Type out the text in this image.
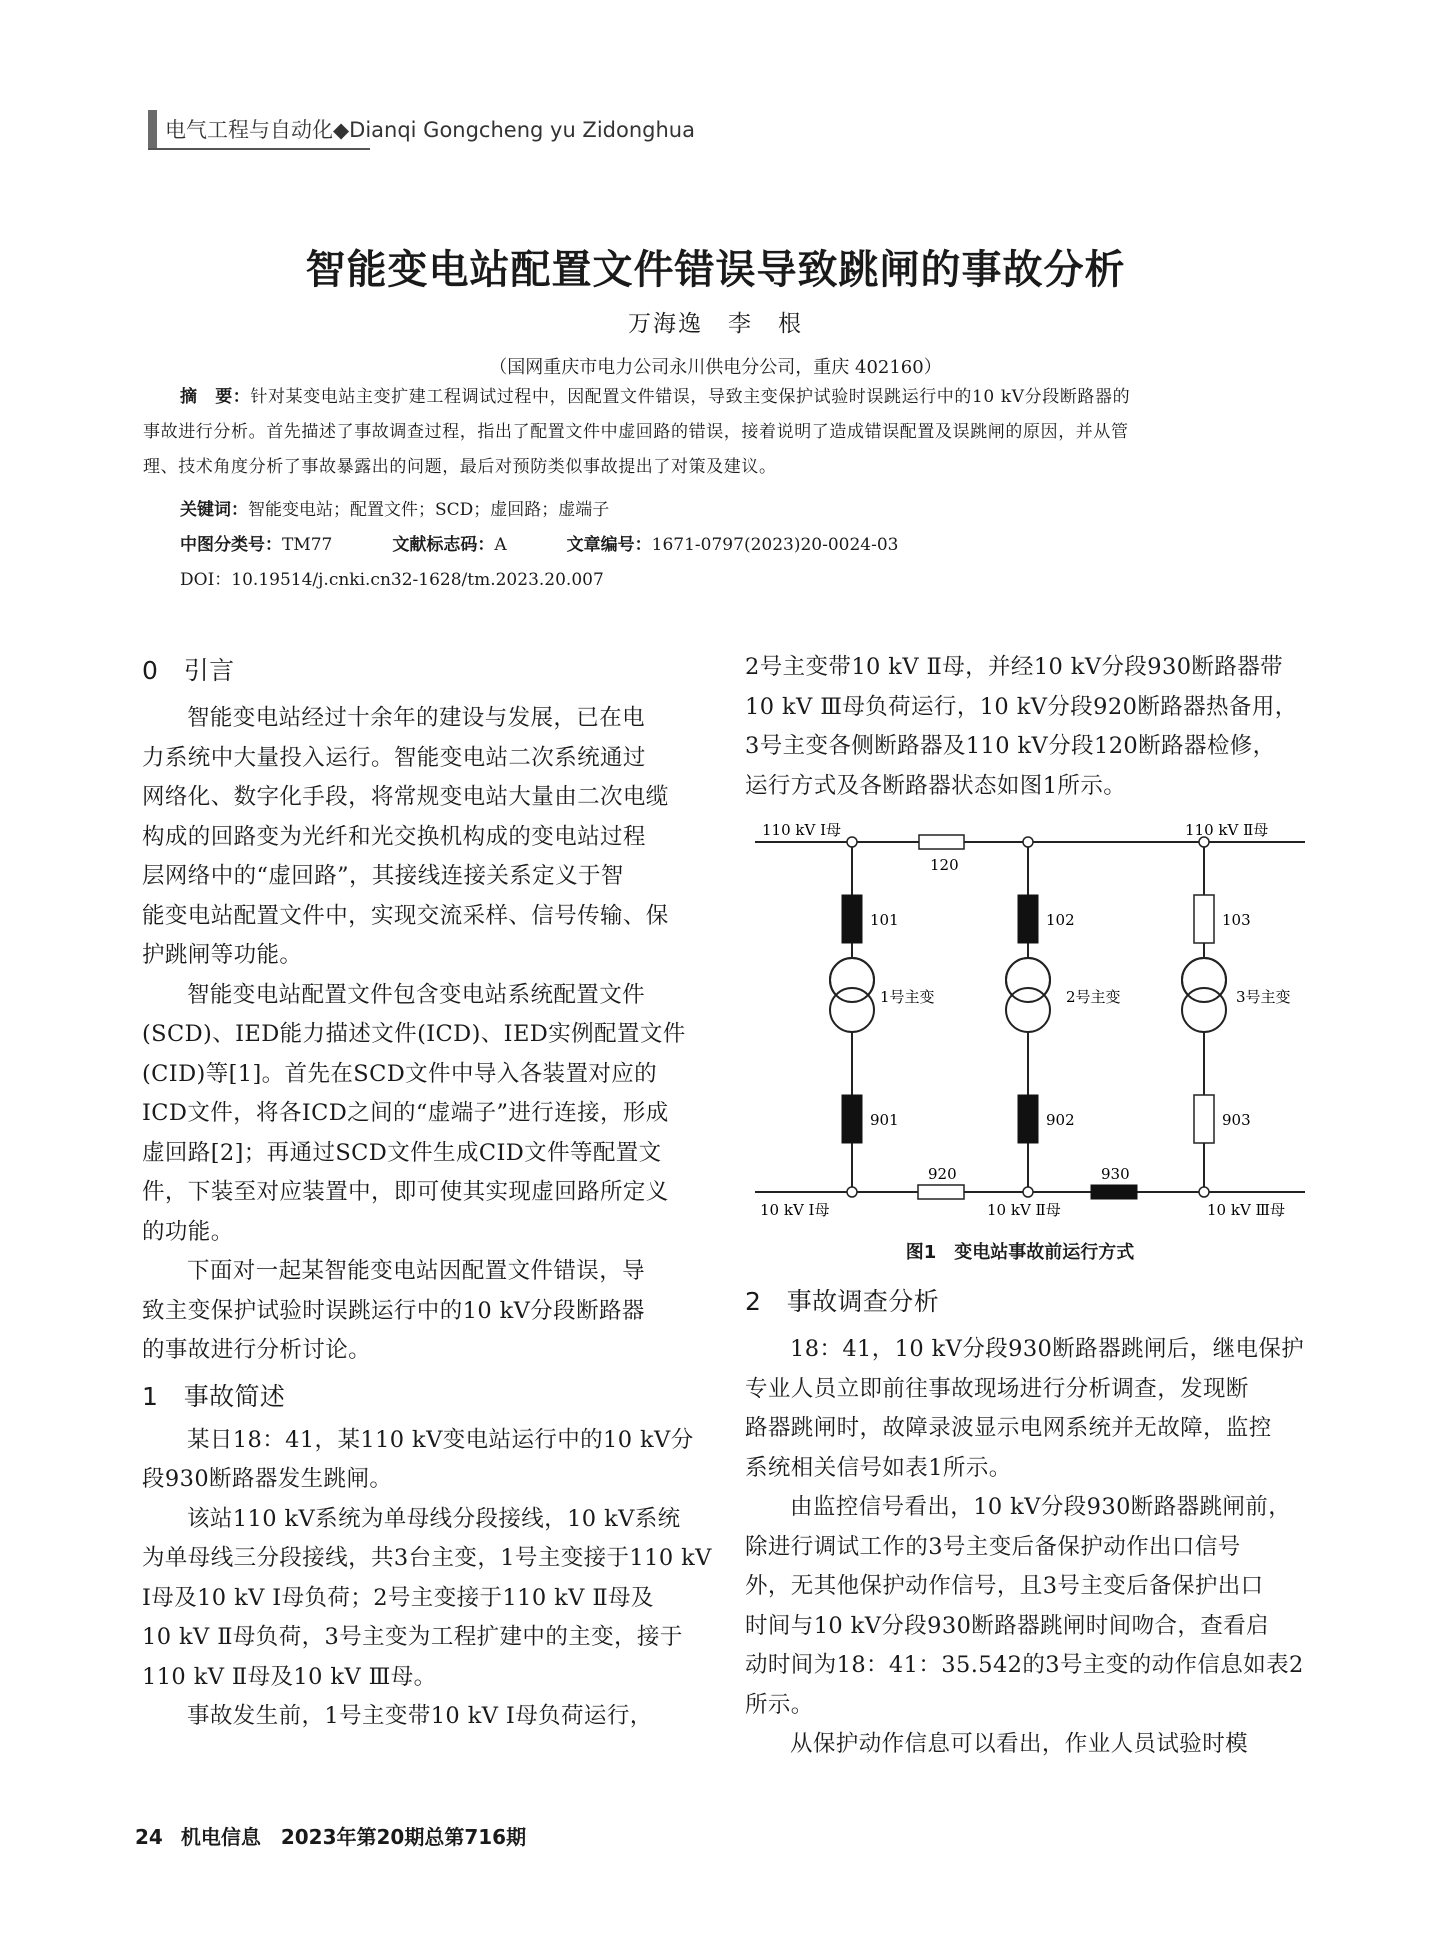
电气工程与自动化◆Dianqi Gongcheng yu Zidonghua
智能变电站配置文件错误导致跳闸的事故分析
万海逸　李　根
（国网重庆市电力公司永川供电分公司，重庆 402160）
摘　要：针对某变电站主变扩建工程调试过程中，因配置文件错误，导致主变保护试验时误跳运行中的10 kV分段断路器的
事故进行分析。首先描述了事故调查过程，指出了配置文件中虚回路的错误，接着说明了造成错误配置及误跳闸的原因，并从管
理、技术角度分析了事故暴露出的问题，最后对预防类似事故提出了对策及建议。
关键词：智能变电站；配置文件；SCD；虚回路；虚端子
中图分类号：TM77	文献标志码：A	文章编号：1671-0797(2023)20-0024-03
DOI：10.19514/j.cnki.cn32-1628/tm.2023.20.007
0　引言

智能变电站经过十余年的建设与发展，已在电
力系统中大量投入运行。智能变电站二次系统通过
网络化、数字化手段，将常规变电站大量由二次电缆
构成的回路变为光纤和光交换机构成的变电站过程
层网络中的“虚回路”，其接线连接关系定义于智
能变电站配置文件中，实现交流采样、信号传输、保
护跳闸等功能。

智能变电站配置文件包含变电站系统配置文件
(SCD)、IED能力描述文件(ICD)、IED实例配置文件
(CID)等[1]。首先在SCD文件中导入各装置对应的
ICD文件，将各ICD之间的“虚端子”进行连接，形成
虚回路[2]；再通过SCD文件生成CID文件等配置文
件，下装至对应装置中，即可使其实现虚回路所定义
的功能。

下面对一起某智能变电站因配置文件错误，导
致主变保护试验时误跳运行中的10 kV分段断路器
的事故进行分析讨论。

1　事故简述

某日18：41，某110 kV变电站运行中的10 kV分
段930断路器发生跳闸。

该站110 kV系统为单母线分段接线，10 kV系统
为单母线三分段接线，共3台主变，1号主变接于110 kV
Ⅰ母及10 kV Ⅰ母负荷；2号主变接于110 kV Ⅱ母及
10 kV Ⅱ母负荷，3号主变为工程扩建中的主变，接于
110 kV Ⅱ母及10 kV Ⅲ母。

事故发生前，1号主变带10 kV Ⅰ母负荷运行，

2号主变带10 kV Ⅱ母，并经10 kV分段930断路器带
10 kV Ⅲ母负荷运行，10 kV分段920断路器热备用，
3号主变各侧断路器及110 kV分段120断路器检修，
运行方式及各断路器状态如图1所示。

110 kV Ⅰ母	110 kV Ⅱ母
120
101	102	103
1号主变	2号主变	3号主变
901	902	903
920	930
10 kV Ⅰ母	10 kV Ⅱ母	10 kV Ⅲ母
图1　变电站事故前运行方式
2　事故调查分析

18：41，10 kV分段930断路器跳闸后，继电保护
专业人员立即前往事故现场进行分析调查，发现断
路器跳闸时，故障录波显示电网系统并无故障，监控
系统相关信号如表1所示。

由监控信号看出，10 kV分段930断路器跳闸前，
除进行调试工作的3号主变后备保护动作出口信号
外，无其他保护动作信号，且3号主变后备保护出口
时间与10 kV分段930断路器跳闸时间吻合，查看启
动时间为18：41：35.542的3号主变的动作信息如表2
所示。

从保护动作信息可以看出，作业人员试验时模

24 机电信息　2023年第20期总第716期
